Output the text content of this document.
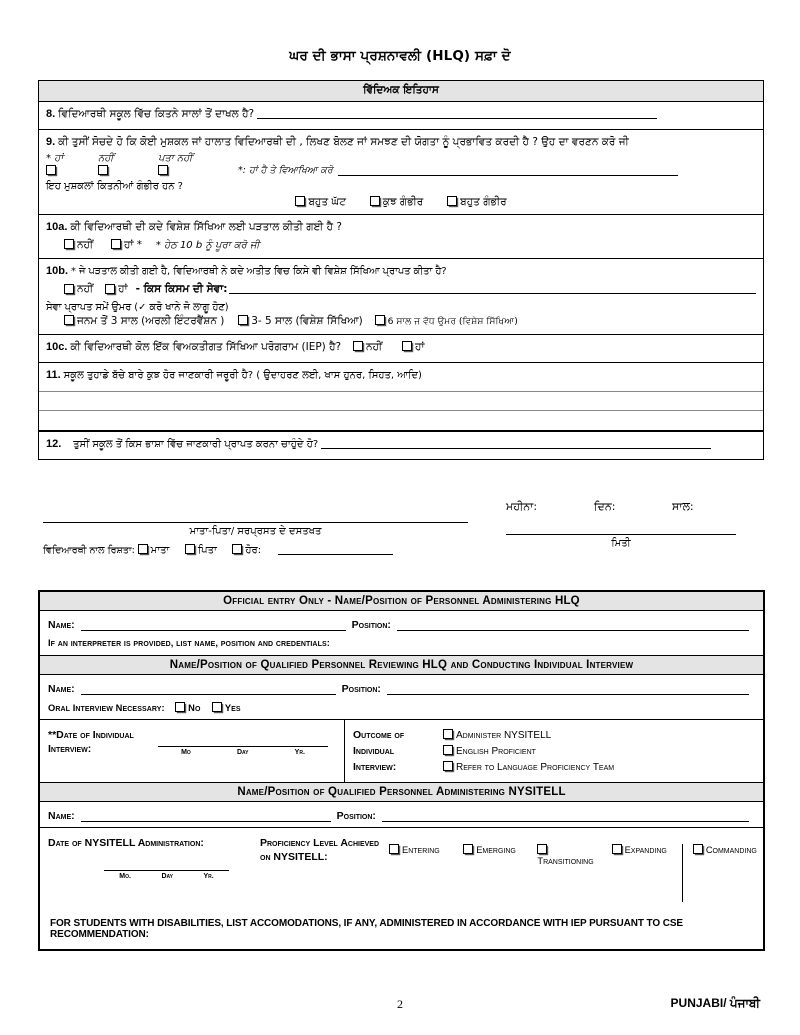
ਘਰ ਦੀ ਭਾਸਾ ਪ੍ਰਸ਼ਨਾਵਲੀ (HLQ) ਸਫ਼ਾ ਦੋ
ਵਿੱਦਿਅਕ ਇਤਿਹਾਸ
8. ਵਿਦਿਆਰਥੀ ਸਕੂਲ ਵਿੱਚ ਕਿਤਨੇ ਸਾਲਾਂ ਤੋਂ ਦਾਖਲ ਹੈ?
9. ਕੀ ਤੁਸੀਂ ਸੋਚਦੇ ਹੋ ਕਿ ਕੋਈ ਮੁਸ਼ਕਲ ਜਾਂ ਹਾਲਾਤ ਵਿਦਿਆਰਥੀ ਦੀ , ਲਿਖਣ ਬੋਲਣ ਜਾਂ ਸਮਝਣ ਦੀ ਯੋਗਤਾ ਨੂੰ ਪ੍ਰਭਾਵਿਤ ਕਰਦੀ ਹੈ ? ਉਹ ਦਾ ਵਰਣਨ ਕਰੋ ਜੀ
* ਹਾਂ	ਨਹੀਂ	ਪਤਾ ਨਹੀਂ
*: ਹਾਂ ਹੈ ਤੇ ਵਿਆਖਿਆ ਕਰੋ
ਇਹ ਮੁਸ਼ਕਲਾਂ ਕਿਤਨੀਆਂ ਗੰਭੀਰ ਹਨ ?
ਬਹੁਤ ਘੱਟ	ਕੁਝ ਗੰਭੀਰ	ਬਹੁਤ ਗੰਭੀਰ
10a. ਕੀ ਵਿਦਿਆਰਥੀ ਦੀ ਕਦੇ ਵਿਸ਼ੇਸ਼ ਸਿੱਖਿਆ ਲਈ ਪੜਤਾਲ ਕੀਤੀ ਗਈ ਹੈ ?
ਨਹੀਂ	ਹਾਂ * * ਹੇਠ 10 b ਨੂੰ ਪੂਰਾ ਕਰੋ ਜੀ
10b. * ਜੇ ਪੜਤਾਲ ਕੀਤੀ ਗਈ ਹੈ, ਵਿਦਿਆਰਥੀ ਨੇ ਕਦੇ ਅਤੀਤ ਵਿਚ ਕਿਸੇ ਵੀ ਵਿਸ਼ੇਸ਼ ਸਿੱਖਿਆ ਪ੍ਰਾਪਤ ਕੀਤਾ ਹੈ?
ਨਹੀਂ ਹਾਂ - ਕਿਸ ਕਿਸਮ ਦੀ ਸੇਵਾ:
ਸੇਵਾ ਪ੍ਰਾਪਤ ਸਮੇਂ ਉਮਰ (✓ ਕਰੋ ਖਾਨੇ ਜੋ ਲਾਗੂ ਹੋਣ)
ਜਨਮ ਤੋਂ 3 ਸਾਲ (ਅਰਲੀ ਇੰਟਰਵੈਂਸ਼ਨ )	3- 5 ਸਾਲ (ਵਿਸ਼ੇਸ਼ ਸਿੱਖਿਆ)	6 ਸਾਲ ਜ ਵੱਧ ਉਮਰ (ਵਿਸ਼ੇਸ਼ ਸਿੱਖਿਆ)
10c. ਕੀ ਵਿਦਿਆਰਥੀ ਕੋਲ ਇੱਕ ਵਿਅਕਤੀਗਤ ਸਿੱਖਿਆ ਪਰੋਗਰਾਮ (IEP) ਹੈ? ਨਹੀਂ	ਹਾਂ
11. ਸਕੂਲ ਤੁਹਾਡੇ ਬੱਚੇ ਬਾਰੇ ਕੁਝ ਹੋਰ ਜਾਣਕਾਰੀ ਜਰੂਰੀ ਹੈ? ( ਉਦਾਹਰਣ ਲਈ, ਖਾਸ ਹੁਨਰ, ਸਿਹਤ, ਆਦਿ)
12. ਤੁਸੀਂ ਸਕੂਲ ਤੋਂ ਕਿਸ ਭਾਸ਼ਾ ਵਿੱਚ ਜਾਣਕਾਰੀ ਪ੍ਰਾਪਤ ਕਰਨਾ ਚਾਹੁੰਦੇ ਹੋ?
ਮਾਤਾ-ਪਿਤਾ/ ਸਰਪ੍ਰਸਤ ਦੇ ਦਸਤਖਤ
ਵਿਦਿਆਰਥੀ ਨਾਲ ਰਿਸ਼ਤਾ: ਮਾਤਾ	ਪਿਤਾ	ਹੋਰ:
ਮਹੀਨਾ:	ਦਿਨ:	ਸਾਲ:
ਮਿਤੀ
Official entry Only - Name/Position of Personnel Administering HLQ
Name:	Position:
If an interpreter is provided, list name, position and credentials:
Name/Position of Qualified Personnel Reviewing HLQ and Conducting Individual Interview
Name:	Position:
Oral Interview Necessary:	No	Yes
**Date of Individual Interview:	Mo	Day	Yr.
Outcome of Individual Interview:
Administer NYSITELL
English Proficient
Refer to Language Proficiency Team
Name/Position of Qualified Personnel Administering NYSITELL
Name:	Position:
Date of NYSITELL Administration:
Mo.	Day	Yr.
Proficiency Level Achieved on NYSITELL:
Entering	Emerging
Transitioning
Expanding	Commanding
FOR STUDENTS WITH DISABILITIES, LIST ACCOMODATIONS, IF ANY, ADMINISTERED IN ACCORDANCE WITH IEP PURSUANT TO CSE RECOMMENDATION:
2	PUNJABI/ ਪੰਜਾਬੀ
